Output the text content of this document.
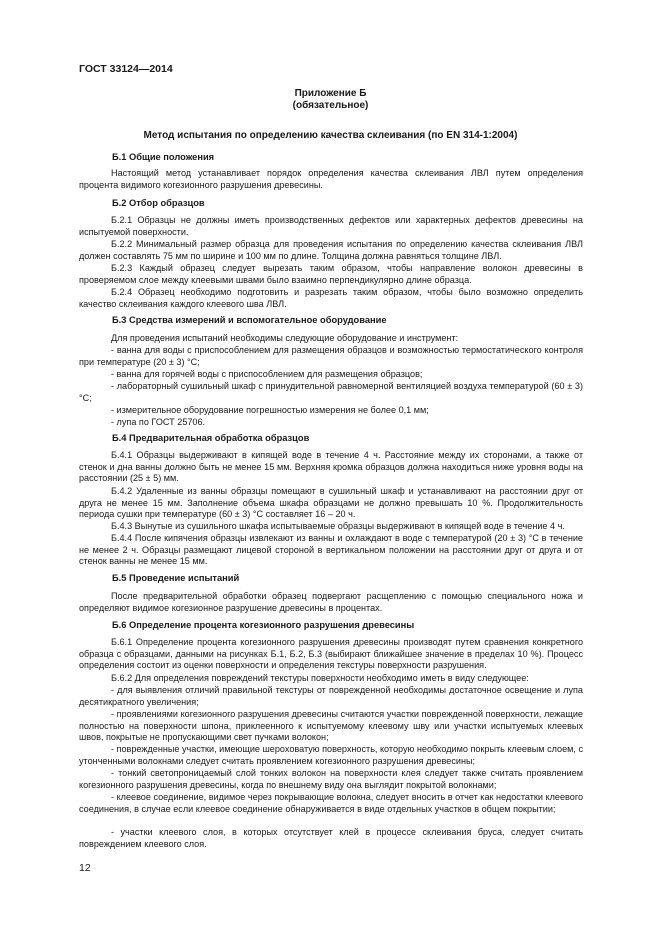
ГОСТ 33124—2014
Приложение Б
(обязательное)
Метод испытания по определению качества склеивания (по EN 314-1:2004)
Б.1 Общие положения

Настоящий метод устанавливает порядок определения качества склеивания ЛВЛ путем определения процента видимого когезионного разрушения древесины.

Б.2 Отбор образцов

Б.2.1 Образцы не должны иметь производственных дефектов или характерных дефектов древесины на испытуемой поверхности.

Б.2.2 Минимальный размер образца для проведения испытания по определению качества склеивания ЛВЛ должен составлять 75 мм по ширине и 100 мм по длине. Толщина должна равняться толщине ЛВЛ.

Б.2.3 Каждый образец следует вырезать таким образом, чтобы направление волокон древесины в проверяемом слое между клеевыми швами было взаимно перпендикулярно длине образца.

Б.2.4 Образец необходимо подготовить и разрезать таким образом, чтобы было возможно определить качество склеивания каждого клеевого шва ЛВЛ.

Б.3 Средства измерений и вспомогательное оборудование

Для проведения испытаний необходимы следующие оборудование и инструмент:

- ванна для воды с приспособлением для размещения образцов и возможностью термостатического контроля при температуре (20 ± 3) °С;

- ванна для горячей воды с приспособлением для размещения образцов;

- лабораторный сушильный шкаф с принудительной равномерной вентиляцией воздуха температурой (60 ± 3) °С;

- измерительное оборудование погрешностью измерения не более 0,1 мм;

- лупа по ГОСТ 25706.

Б.4 Предварительная обработка образцов

Б.4.1 Образцы выдерживают в кипящей воде в течение 4 ч. Расстояние между их сторонами, а также от стенок и дна ванны должно быть не менее 15 мм. Верхняя кромка образцов должна находиться ниже уровня воды на расстоянии (25 ± 5) мм.

Б.4.2 Удаленные из ванны образцы помещают в сушильный шкаф и устанавливают на расстоянии друг от друга не менее 15 мм. Заполнение объема шкафа образцами не должно превышать 10 %. Продолжительность периода сушки при температуре (60 ± 3) °С составляет 16 – 20 ч.

Б.4.3 Вынутые из сушильного шкафа испытываемые образцы выдерживают в кипящей воде в течение 4 ч.

Б.4.4 После кипячения образцы извлекают из ванны и охлаждают в воде с температурой (20 ± 3) °С в течение не менее 2 ч. Образцы размещают лицевой стороной в вертикальном положении на расстоянии друг от друга и от стенок ванны не менее 15 мм.

Б.5 Проведение испытаний

После предварительной обработки образец подвергают расщеплению с помощью специального ножа и определяют видимое когезионное разрушение древесины в процентах.

Б.6 Определение процента когезионного разрушения древесины

Б.6.1 Определение процента когезионного разрушения древесины производят путем сравнения конкретного образца с образцами, данными на рисунках Б.1, Б.2, Б.3 (выбирают ближайшее значение в пределах 10 %). Процесс определения состоит из оценки поверхности и определения текстуры поверхности разрушения.

Б.6.2 Для определения повреждений текстуры поверхности необходимо иметь в виду следующее:

- для выявления отличий правильной текстуры от поврежденной необходимы достаточное освещение и лупа десятикратного увеличения;

- проявлениями когезионного разрушения древесины считаются участки поврежденной поверхности, лежащие полностью на поверхности шпона, приклеенного к испытуемому клеевому шву или участки испытуемых клеевых швов, покрытые не пропускающими свет пучками волокон;

- поврежденные участки, имеющие шероховатую поверхность, которую необходимо покрыть клеевым слоем, с утонченными волокнами следует считать проявлением когезионного разрушения древесины;

- тонкий светопроницаемый слой тонких волокон на поверхности клея следует также считать проявлением когезионного разрушения древесины, когда по внешнему виду она выглядит покрытой волокнами;

- клеевое соединение, видимое через покрывающие волокна, следует вносить в отчет как недостатки клеевого соединения, в случае если клеевое соединение обнаруживается в виде отдельных участков в общем покрытии;

- участки клеевого слоя, в которых отсутствует клей в процессе склеивания бруса, следует считать повреждением клеевого слоя.

12
